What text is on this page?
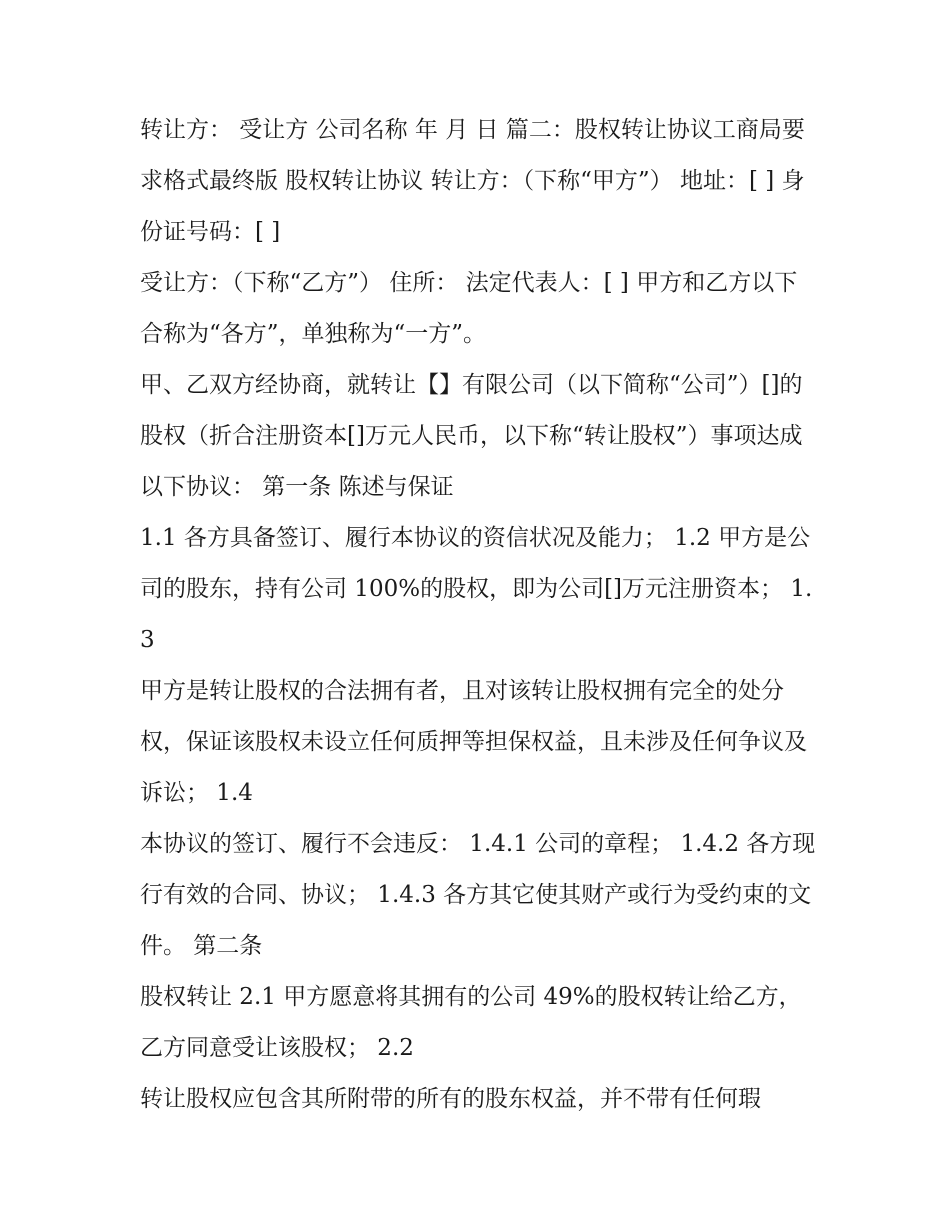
转让方： 受让方 公司名称 年 月 日 篇二：股权转让协议工商局要求格式最终版 股权转让协议 转让方：（下称“甲方”） 地址：[ ] 身份证号码：[ ]

受让方：（下称“乙方”） 住所： 法定代表人：[ ] 甲方和乙方以下合称为“各方”，单独称为“一方”。

甲、乙双方经协商，就转让【】有限公司（以下简称“公司”）[]的股权（折合注册资本[]万元人民币，以下称“转让股权”）事项达成以下协议： 第一条 陈述与保证

1.1 各方具备签订、履行本协议的资信状况及能力； 1.2 甲方是公司的股东，持有公司 100%的股权，即为公司[]万元注册资本； 1.3

甲方是转让股权的合法拥有者，且对该转让股权拥有完全的处分权，保证该股权未设立任何质押等担保权益，且未涉及任何争议及诉讼； 1.4

本协议的签订、履行不会违反： 1.4.1 公司的章程； 1.4.2 各方现行有效的合同、协议； 1.4.3 各方其它使其财产或行为受约束的文件。 第二条

股权转让 2.1 甲方愿意将其拥有的公司 49%的股权转让给乙方，乙方同意受让该股权； 2.2

转让股权应包含其所附带的所有的股东权益，并不带有任何瑕
